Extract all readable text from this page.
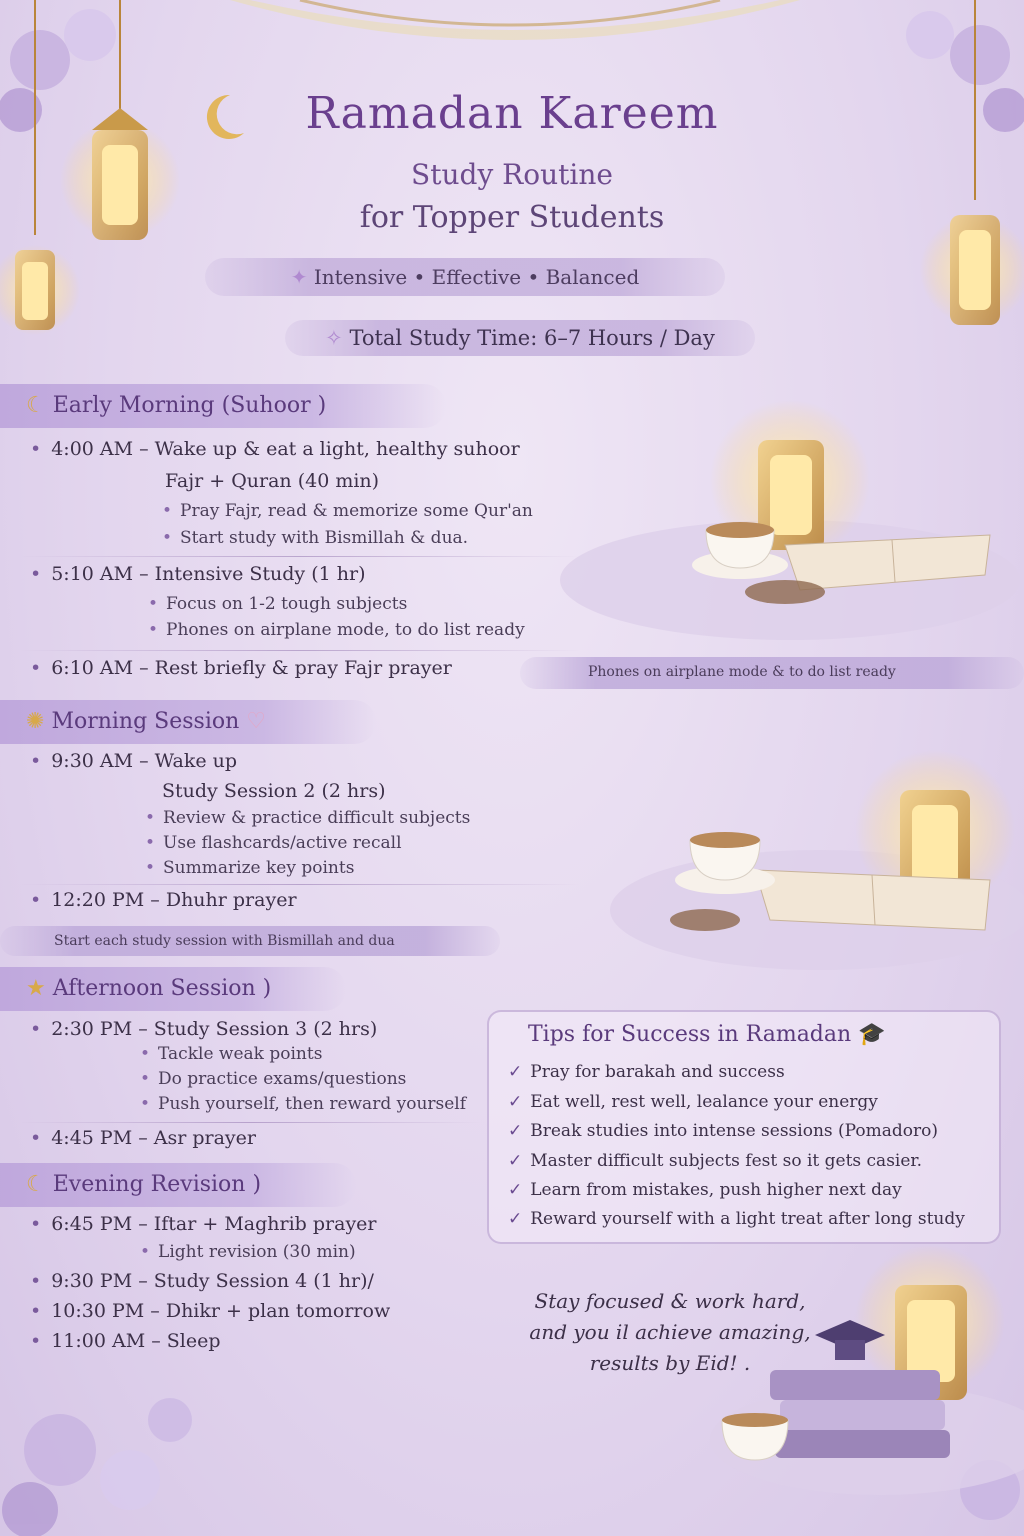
Ramadan Kareem
Study Routine
for Topper Students
✦ Intensive • Effective • Balanced
✧ Total Study Time: 6–7 Hours / Day
☾ Early Morning (Suhoor )
• 4:00 AM – Wake up & eat a light, healthy suhoor
Fajr + Quran (40 min)
• Pray Fajr, read & memorize some Qur'an
• Start study with Bismillah & dua.
• 5:10 AM – Intensive Study (1 hr)
• Focus on 1-2 tough subjects
• Phones on airplane mode, to do list ready
• 6:10 AM – Rest briefly & pray Fajr prayer	Phones on airplane mode & to do list ready
✺ Morning Session ♡
• 9:30 AM – Wake up
Study Session 2 (2 hrs)
• Review & practice difficult subjects
• Use flashcards/active recall
• Summarize key points
• 12:20 PM – Dhuhr prayer
Start each study session with Bismillah and dua
★ Afternoon Session )
• 2:30 PM – Study Session 3 (2 hrs)
• Tackle weak points
• Do practice exams/questions
• Push yourself, then reward yourself
• 4:45 PM – Asr prayer
☾ Evening Revision )
• 6:45 PM – Iftar + Maghrib prayer
• Light revision (30 min)
• 9:30 PM – Study Session 4 (1 hr)/
• 10:30 PM – Dhikr + plan tomorrow
• 11:00 AM – Sleep
Tips for Success in Ramadan 🎓
✓ Pray for barakah and success
✓ Eat well, rest well, lealance your energy
✓ Break studies into intense sessions (Pomadoro)
✓ Master difficult subjects fest so it gets casier.
✓ Learn from mistakes, push higher next day
✓ Reward yourself with a light treat after long study
Stay focused & work hard,
and you il achieve amazing,
results by Eid! .
